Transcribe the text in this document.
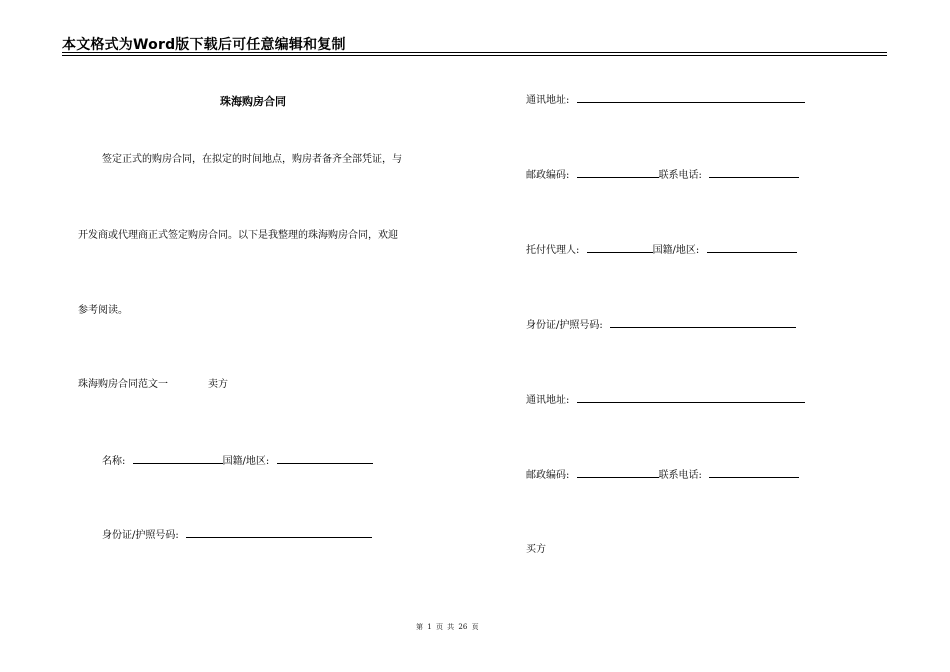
本文格式为Word版下载后可任意编辑和复制
珠海购房合同
签定正式的购房合同，在拟定的时间地点，购房者备齐全部凭证，与
开发商或代理商正式签定购房合同。以下是我整理的珠海购房合同，欢迎
参考阅读。
珠海购房合同范文一	卖方
名称:	国籍/地区:
身份证/护照号码:
通讯地址:
邮政编码:	联系电话:
托付代理人:	国籍/地区:
身份证/护照号码:
通讯地址:
邮政编码:	联系电话:
买方
第 1 页 共 26 页
